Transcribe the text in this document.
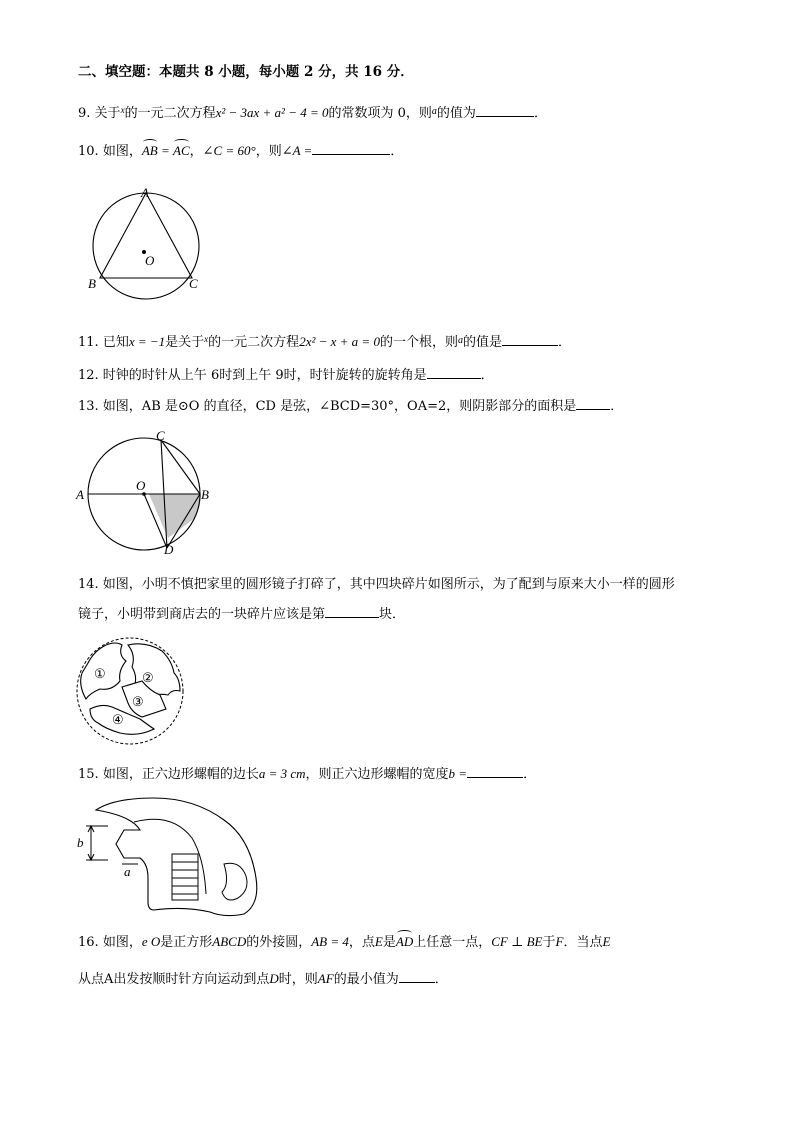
二、填空题：本题共 8 小题，每小题 2 分，共 16 分．
9. 关于$^x$的一元二次方程x² − 3ax + a² − 4 = 0的常数项为 0，则$^a$的值为	．
10. 如图，AB = AC，∠C = 60°，则∠A =	．
A
B	C
O
11. 已知x = −1是关于$^x$的一元二次方程2x² − x + a = 0的一个根，则$^a$的值是	．
12. 时钟的时针从上午 6时到上午 9时，时针旋转的旋转角是	．
13. 如图，AB 是⊙O 的直径，CD 是弦，∠BCD=30°，OA=2，则阴影部分的面积是	．
C
A
O
B
D
14. 如图，小明不慎把家里的圆形镜子打碎了，其中四块碎片如图所示，为了配到与原来大小一样的圆形
镜子，小明带到商店去的一块碎片应该是第	块．
①	②
③
④
15. 如图，正六边形螺帽的边长a = 3 cm，则正六边形螺帽的宽度b =	．
b
a
16. 如图，e O是正方形ABCD的外接圆，AB = 4，点E是AD上任意一点，CF ⊥ BE于F．当点E
从点A出发按顺时针方向运动到点D时，则AF的最小值为	．
